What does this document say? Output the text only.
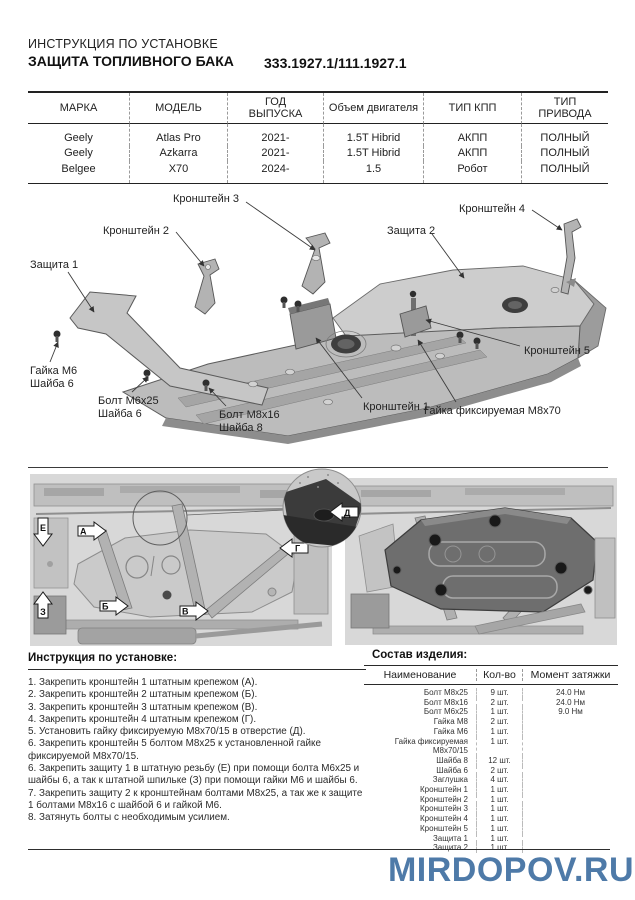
ИНСТРУКЦИЯ ПО УСТАНОВКЕ
ЗАЩИТА ТОПЛИВНОГО БАКА 333.1927.1/111.1927.1
МАРКА	МОДЕЛЬ	ГОД ВЫПУСКА	Объем двигателя	ТИП КПП	ТИП ПРИВОДА
Geely	Atlas Pro	2021-	1.5T Hibrid	АКПП	ПОЛНЫЙ
Geely	Azkarra	2021-	1.5T Hibrid	АКПП	ПОЛНЫЙ
Belgee	X70	2024-	1.5	Робот	ПОЛНЫЙ
Кронштейн 3
Кронштейн 2
Защита 1
Защита 2
Кронштейн 4
Кронштейн 5
Гайка М6
Шайба 6
Болт М6х25
Шайба 6	Болт М8х16
Шайба 8
Кронштейн 1
Гайка фиксируемая М8х70
А
Б	В
Г
Е
З
Д
Инструкция по установке:
1. Закрепить кронштейн 1 штатным крепежом (А).
2. Закрепить кронштейн 2 штатным крепежом (Б).
3. Закрепить кронштейн 3 штатным крепежом (В).
4. Закрепить кронштейн 4 штатным крепежом (Г).
5. Установить гайку фиксируемую М8х70/15 в отверстие (Д).
6. Закрепить кронштейн 5 болтом М8х25 к установленной гайке фиксируемой М8х70/15.
6. Закрепить защиту 1 в штатную резьбу (Е) при помощи болта М6х25 и шайбы 6, а так к штатной шпильке (З) при помощи гайки М6 и шайбы 6.
7. Закрепить защиту 2 к кронштейнам болтами М8х25, а так же к защите 1 болтами М8х16 с шайбой 6 и гайкой М6.
8. Затянуть болты с необходимым усилием.
Состав изделия:
Наименование	Кол-во	Момент затяжки
Болт М8х25	9 шт.	24.0 Нм
Болт М8х16	2 шт.	24.0 Нм
Болт М6х25	1 шт.	9.0 Нм
Гайка М8	2 шт.
Гайка М6	1 шт.
Гайка фиксируемая М8х70/15
1 шт.
Шайба 8	12 шт.
Шайба 6	2 шт.
Заглушка	4 шт.
Кронштейн 1	1 шт.
Кронштейн 2	1 шт.
Кронштейн 3	1 шт.
Кронштейн 4	1 шт.
Кронштейн 5	1 шт.
Защита 1	1 шт.
Защита 2	1 шт.
MIRDOPOV.RU
